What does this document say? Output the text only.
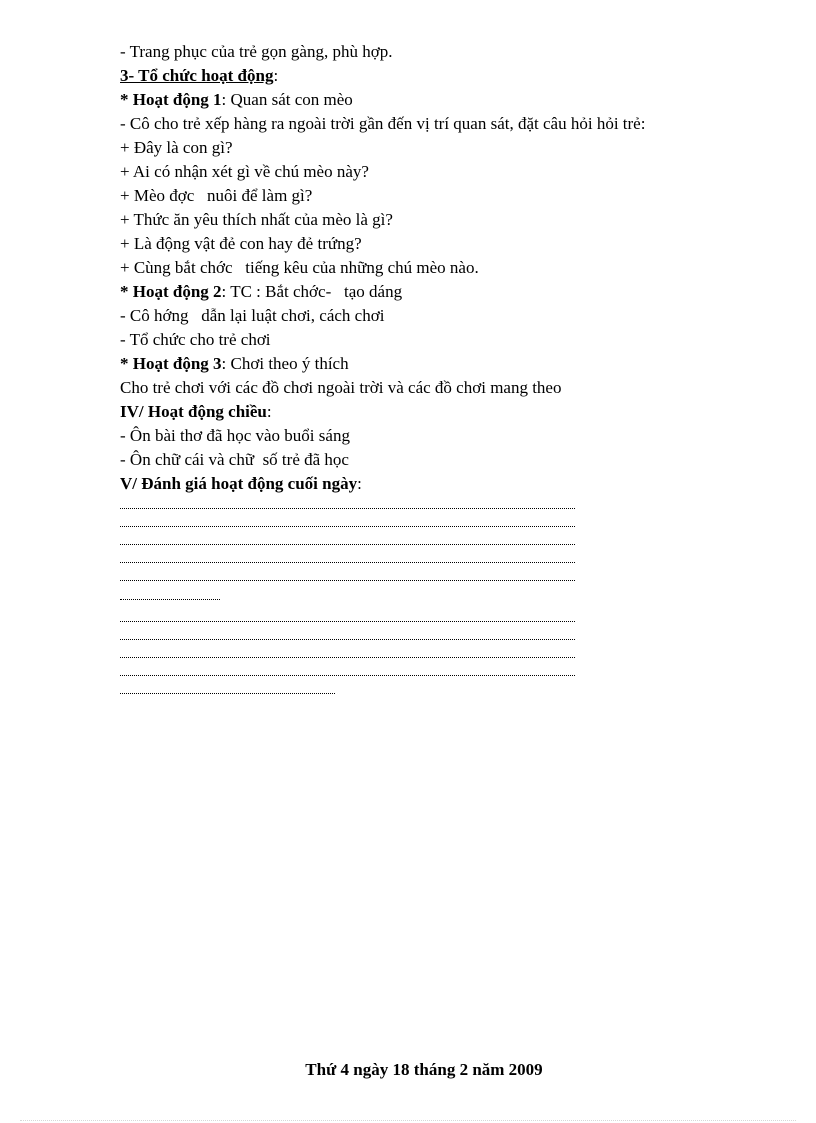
- Trang phục của trẻ gọn gàng, phù hợp.
3- Tổ chức hoạt động:
* Hoạt động 1: Quan sát con mèo
- Cô cho trẻ xếp hàng ra ngoài trời gần đến vị trí quan sát, đặt câu hỏi hỏi trẻ:
+ Đây là con gì?
+ Ai có nhận xét gì về chú mèo này?
+ Mèo đợc   nuôi để làm gì?
+ Thức ăn yêu thích nhất của mèo là gì?
+ Là động vật đẻ con hay đẻ trứng?
+ Cùng bắt chớc   tiếng kêu của những chú mèo nào.
* Hoạt động 2: TC : Bắt chớc-   tạo dáng
- Cô hớng   dẫn lại luật chơi, cách chơi
- Tổ chức cho trẻ chơi
* Hoạt động 3: Chơi theo ý thích
Cho trẻ chơi với các đồ chơi ngoài trời và các đồ chơi mang theo
IV/ Hoạt động chiều:
- Ôn bài thơ đã học vào buổi sáng
- Ôn chữ cái và chữ  số trẻ đã học
V/ Đánh giá hoạt động cuối ngày:
Thứ 4 ngày 18 tháng 2 năm 2009
